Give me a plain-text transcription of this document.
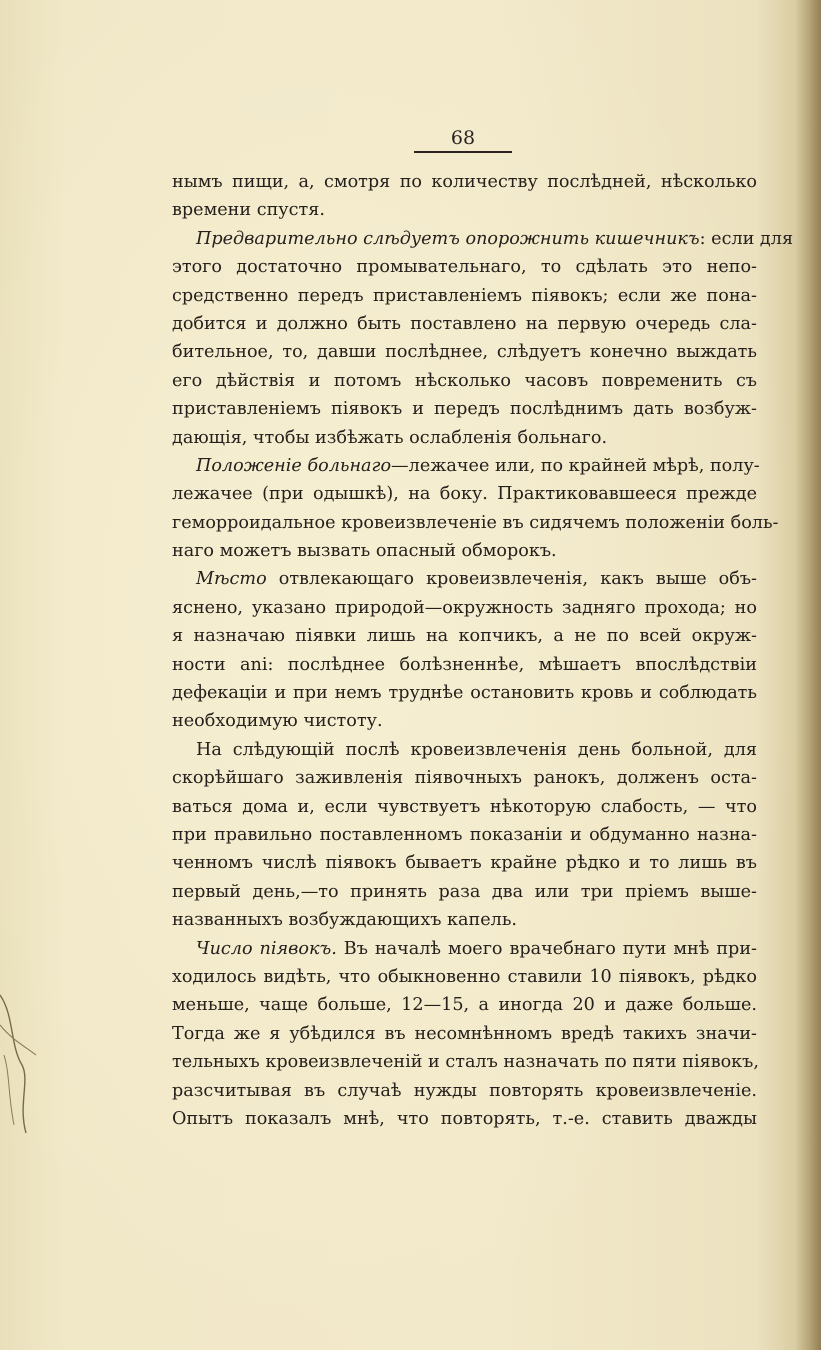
68
нымъ пищи, а, смотря по количеству послѣдней, нѣсколько
времени спустя.
Предварительно слѣдуетъ опорожнить кишечникъ: если для
этого достаточно промывательнаго, то сдѣлать это непо-
средственно передъ приставленіемъ піявокъ; если же пона-
добится и должно быть поставлено на первую очередь сла-
бительное, то, давши послѣднее, слѣдуетъ конечно выждать
его дѣйствія и потомъ нѣсколько часовъ повременить съ
приставленіемъ піявокъ и передъ послѣднимъ дать возбуж-
дающія, чтобы избѣжать ослабленія больнаго.
Положеніе больнаго—лежачее или, по крайней мѣрѣ, полу-
лежачее (при одышкѣ), на боку. Практиковавшееся прежде
геморроидальное кровеизвлеченіе въ сидячемъ положеніи боль-
наго можетъ вызвать опасный обморокъ.
Мѣсто отвлекающаго кровеизвлеченія, какъ выше объ-
яснено, указано природой—окружность задняго прохода; но
я назначаю піявки лишь на копчикъ, а не по всей окруж-
ности ani: послѣднее болѣзненнѣе, мѣшаетъ впослѣдствіи
дефекаціи и при немъ труднѣе остановить кровь и соблюдать
необходимую чистоту.
На слѣдующій послѣ кровеизвлеченія день больной, для
скорѣйшаго заживленія піявочныхъ ранокъ, долженъ оста-
ваться дома и, если чувствуетъ нѣкоторую слабость, — что
при правильно поставленномъ показаніи и обдуманно назна-
ченномъ числѣ піявокъ бываетъ крайне рѣдко и то лишь въ
первый день,—то принять раза два или три пріемъ выше-
названныхъ возбуждающихъ капель.
Число піявокъ. Въ началѣ моего врачебнаго пути мнѣ при-
ходилось видѣть, что обыкновенно ставили 10 піявокъ, рѣдко
меньше, чаще больше, 12—15, а иногда 20 и даже больше.
Тогда же я убѣдился въ несомнѣнномъ вредѣ такихъ значи-
тельныхъ кровеизвлеченій и сталъ назначать по пяти піявокъ,
разсчитывая въ случаѣ нужды повторять кровеизвлеченіе.
Опытъ показалъ мнѣ, что повторять, т.-е. ставить дважды
